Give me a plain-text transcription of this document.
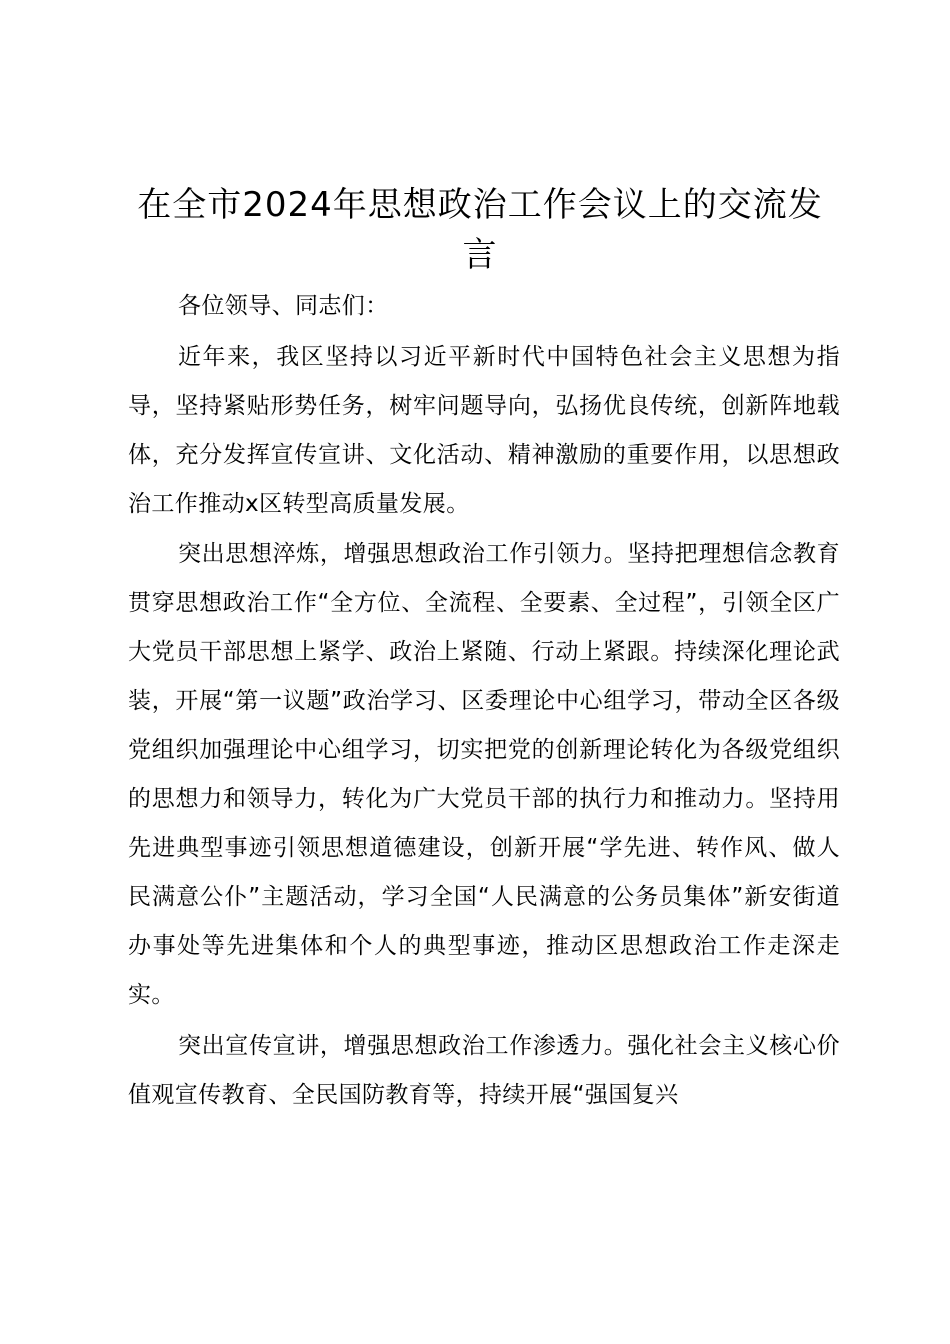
在全市2024年思想政治工作会议上的交流发言

各位领导、同志们：

近年来，我区坚持以习近平新时代中国特色社会主义思想为指导，坚持紧贴形势任务，树牢问题导向，弘扬优良传统，创新阵地载体，充分发挥宣传宣讲、文化活动、精神激励的重要作用，以思想政治工作推动x区转型高质量发展。

突出思想淬炼，增强思想政治工作引领力。坚持把理想信念教育贯穿思想政治工作“全方位、全流程、全要素、全过程”，引领全区广大党员干部思想上紧学、政治上紧随、行动上紧跟。持续深化理论武装，开展“第一议题”政治学习、区委理论中心组学习，带动全区各级党组织加强理论中心组学习，切实把党的创新理论转化为各级党组织的思想力和领导力，转化为广大党员干部的执行力和推动力。坚持用先进典型事迹引领思想道德建设，创新开展“学先进、转作风、做人民满意公仆”主题活动，学习全国“人民满意的公务员集体”新安街道办事处等先进集体和个人的典型事迹，推动区思想政治工作走深走实。

突出宣传宣讲，增强思想政治工作渗透力。强化社会主义核心价值观宣传教育、全民国防教育等，持续开展“强国复兴
